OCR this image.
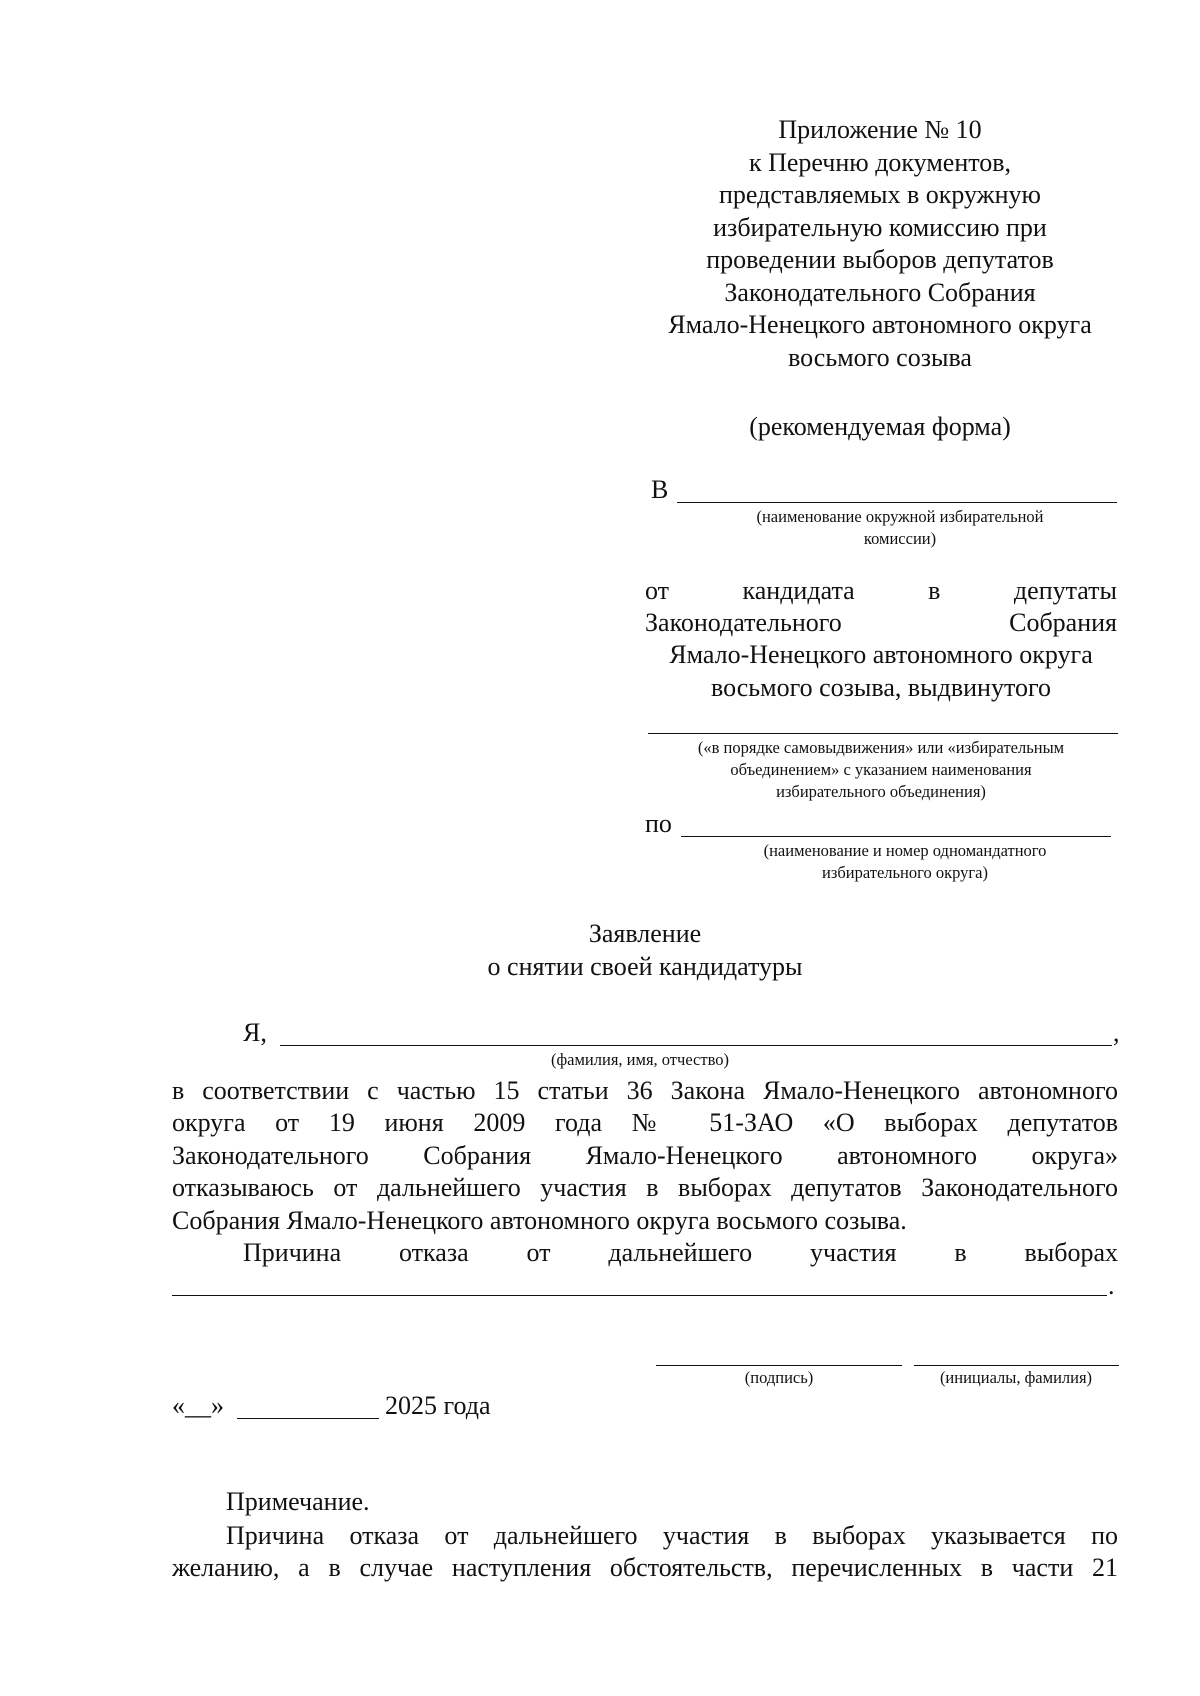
Приложение № 10
к Перечню документов,
представляемых в окружную
избирательную комиссию при
проведении выборов депутатов
Законодательного Собрания
Ямало-Ненецкого автономного округа
восьмого созыва
(рекомендуемая форма)
В
(наименование окружной избирательной
комиссии)
от кандидата в депутаты
Законодательного Собрания
Ямало-Ненецкого автономного округа
восьмого созыва, выдвинутого
(«в порядке самовыдвижения» или «избирательным
объединением» с указанием наименования
избирательного объединения)
по
(наименование и номер одномандатного
избирательного округа)
Заявление
о снятии своей кандидатуры
Я,	,
(фамилия, имя, отчество)
в соответствии с частью 15 статьи 36 Закона Ямало-Ненецкого автономного
округа от 19 июня 2009 года № 51-ЗАО «О выборах депутатов
Законодательного Собрания Ямало-Ненецкого автономного округа»
отказываюсь от дальнейшего участия в выборах депутатов Законодательного
Собрания Ямало-Ненецкого автономного округа восьмого созыва.
Причина отказа от дальнейшего участия в выборах
.
(подпись)	(инициалы, фамилия)
«__»	2025 года
Примечание.
Причина отказа от дальнейшего участия в выборах указывается по
желанию, а в случае наступления обстоятельств, перечисленных в части 21
